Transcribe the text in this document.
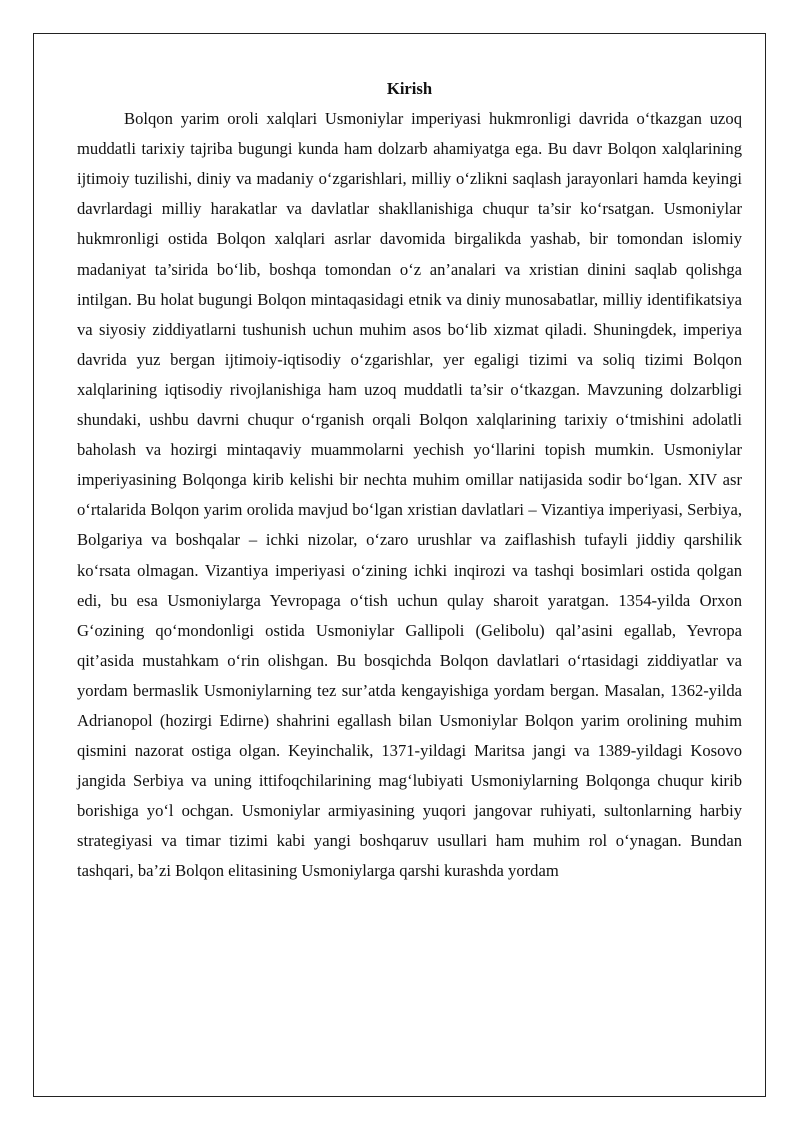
Kirish

Bolqon yarim oroli xalqlari Usmoniylar imperiyasi hukmronligi davrida o‘tkazgan uzoq muddatli tarixiy tajriba bugungi kunda ham dolzarb ahamiyatga ega. Bu davr Bolqon xalqlarining ijtimoiy tuzilishi, diniy va madaniy o‘zgarishlari, milliy o‘zlikni saqlash jarayonlari hamda keyingi davrlardagi milliy harakatlar va davlatlar shakllanishiga chuqur ta’sir ko‘rsatgan. Usmoniylar hukmronligi ostida Bolqon xalqlari asrlar davomida birgalikda yashab, bir tomondan islomiy madaniyat ta’sirida bo‘lib, boshqa tomondan o‘z an’analari va xristian dinini saqlab qolishga intilgan. Bu holat bugungi Bolqon mintaqasidagi etnik va diniy munosabatlar, milliy identifikatsiya va siyosiy ziddiyatlarni tushunish uchun muhim asos bo‘lib xizmat qiladi. Shuningdek, imperiya davrida yuz bergan ijtimoiy-iqtisodiy o‘zgarishlar, yer egaligi tizimi va soliq tizimi Bolqon xalqlarining iqtisodiy rivojlanishiga ham uzoq muddatli ta’sir o‘tkazgan. Mavzuning dolzarbligi shundaki, ushbu davrni chuqur o‘rganish orqali Bolqon xalqlarining tarixiy o‘tmishini adolatli baholash va hozirgi mintaqaviy muammolarni yechish yo‘llarini topish mumkin. Usmoniylar imperiyasining Bolqonga kirib kelishi bir nechta muhim omillar natijasida sodir bo‘lgan. XIV asr o‘rtalarida Bolqon yarim orolida mavjud bo‘lgan xristian davlatlari – Vizantiya imperiyasi, Serbiya, Bolgariya va boshqalar – ichki nizolar, o‘zaro urushlar va zaiflashish tufayli jiddiy qarshilik ko‘rsata olmagan. Vizantiya imperiyasi o‘zining ichki inqirozi va tashqi bosimlari ostida qolgan edi, bu esa Usmoniylarga Yevropaga o‘tish uchun qulay sharoit yaratgan. 1354-yilda Orxon G‘ozining qo‘mondonligi ostida Usmoniylar Gallipoli (Gelibolu) qal’asini egallab, Yevropa qit’asida mustahkam o‘rin olishgan. Bu bosqichda Bolqon davlatlari o‘rtasidagi ziddiyatlar va yordam bermaslik Usmoniylarning tez sur’atda kengayishiga yordam bergan. Masalan, 1362-yilda Adrianopol (hozirgi Edirne) shahrini egallash bilan Usmoniylar Bolqon yarim orolining muhim qismini nazorat ostiga olgan. Keyinchalik, 1371-yildagi Maritsa jangi va 1389-yildagi Kosovo jangida Serbiya va uning ittifoqchilarining mag‘lubiyati Usmoniylarning Bolqonga chuqur kirib borishiga yo‘l ochgan. Usmoniylar armiyasining yuqori jangovar ruhiyati, sultonlarning harbiy strategiyasi va timar tizimi kabi yangi boshqaruv usullari ham muhim rol o‘ynagan. Bundan tashqari, ba’zi Bolqon elitasining Usmoniylarga qarshi kurashda yordam
